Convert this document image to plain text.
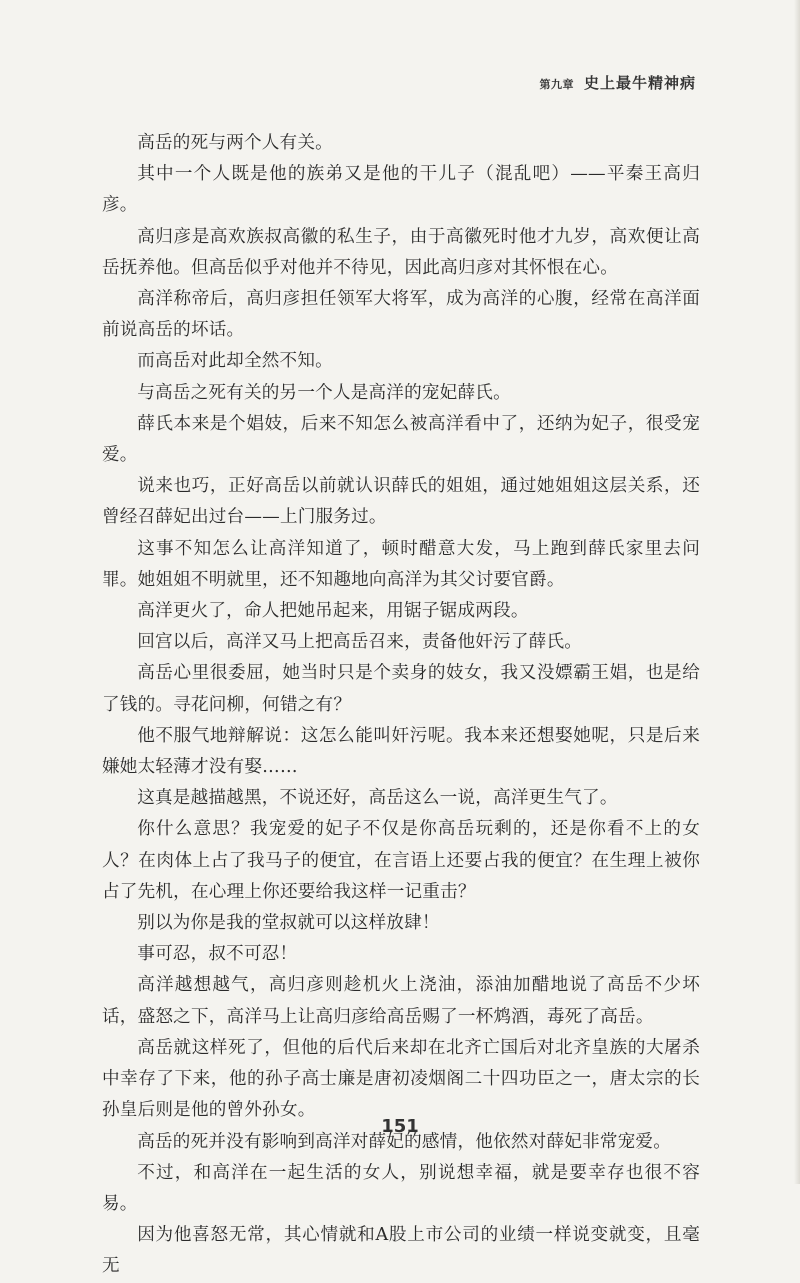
第九章 史上最牛精神病

高岳的死与两个人有关。

其中一个人既是他的族弟又是他的干儿子（混乱吧）——平秦王高归彦。

高归彦是高欢族叔高徽的私生子，由于高徽死时他才九岁，高欢便让高岳抚养他。但高岳似乎对他并不待见，因此高归彦对其怀恨在心。

高洋称帝后，高归彦担任领军大将军，成为高洋的心腹，经常在高洋面前说高岳的坏话。

而高岳对此却全然不知。

与高岳之死有关的另一个人是高洋的宠妃薛氏。

薛氏本来是个娼妓，后来不知怎么被高洋看中了，还纳为妃子，很受宠爱。

说来也巧，正好高岳以前就认识薛氏的姐姐，通过她姐姐这层关系，还曾经召薛妃出过台——上门服务过。

这事不知怎么让高洋知道了，顿时醋意大发，马上跑到薛氏家里去问罪。她姐姐不明就里，还不知趣地向高洋为其父讨要官爵。

高洋更火了，命人把她吊起来，用锯子锯成两段。

回宫以后，高洋又马上把高岳召来，责备他奸污了薛氏。

高岳心里很委屈，她当时只是个卖身的妓女，我又没嫖霸王娼，也是给了钱的。寻花问柳，何错之有？

他不服气地辩解说：这怎么能叫奸污呢。我本来还想娶她呢，只是后来嫌她太轻薄才没有娶……

这真是越描越黑，不说还好，高岳这么一说，高洋更生气了。

你什么意思？我宠爱的妃子不仅是你高岳玩剩的，还是你看不上的女人？在肉体上占了我马子的便宜，在言语上还要占我的便宜？在生理上被你占了先机，在心理上你还要给我这样一记重击？

别以为你是我的堂叔就可以这样放肆！

事可忍，叔不可忍！

高洋越想越气，高归彦则趁机火上浇油，添油加醋地说了高岳不少坏话，盛怒之下，高洋马上让高归彦给高岳赐了一杯鸩酒，毒死了高岳。

高岳就这样死了，但他的后代后来却在北齐亡国后对北齐皇族的大屠杀中幸存了下来，他的孙子高士廉是唐初凌烟阁二十四功臣之一，唐太宗的长孙皇后则是他的曾外孙女。

高岳的死并没有影响到高洋对薛妃的感情，他依然对薛妃非常宠爱。

不过，和高洋在一起生活的女人，别说想幸福，就是要幸存也很不容易。

因为他喜怒无常，其心情就和A股上市公司的业绩一样说变就变，且毫无

151
